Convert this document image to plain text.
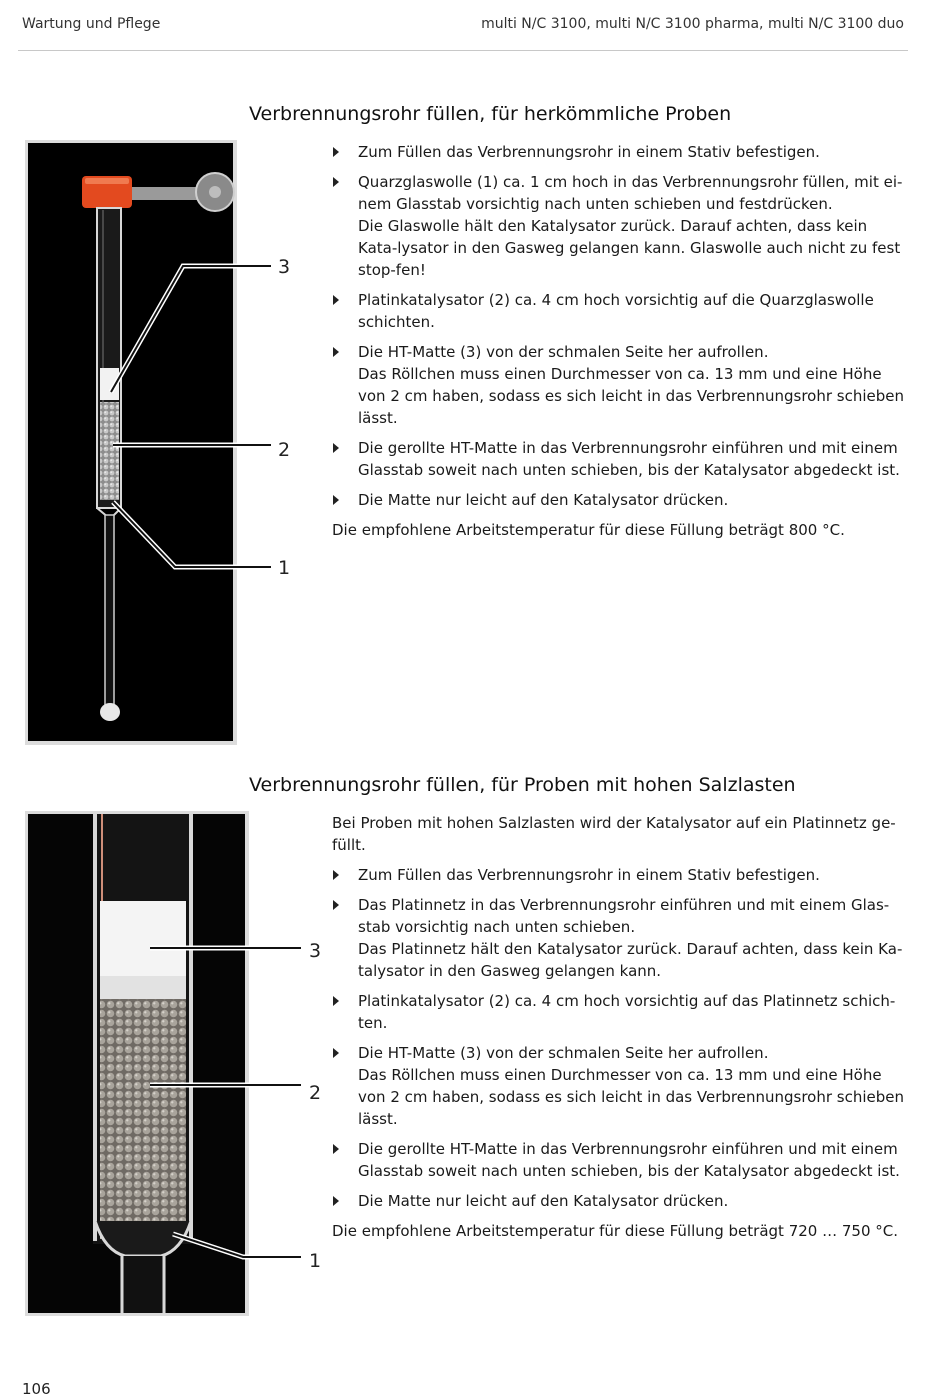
Wartung und Pflege	multi N/C 3100, multi N/C 3100 pharma, multi N/C 3100 duo
Verbrennungsrohr füllen, für herkömmliche Proben
3
2
1
Zum Füllen das Verbrennungsrohr in einem Stativ befestigen.
Quarzglaswolle (1) ca. 1 cm hoch in das Verbrennungsrohr füllen, mit ei-nem Glasstab vorsichtig nach unten schieben und festdrücken.
Die Glaswolle hält den Katalysator zurück. Darauf achten, dass kein Kata-lysator in den Gasweg gelangen kann. Glaswolle auch nicht zu fest stop-fen!
Platinkatalysator (2) ca. 4 cm hoch vorsichtig auf die Quarzglaswolle schichten.
Die HT-Matte (3) von der schmalen Seite her aufrollen.
Das Röllchen muss einen Durchmesser von ca. 13 mm und eine Höhe von 2 cm haben, sodass es sich leicht in das Verbrennungsrohr schieben lässt.
Die gerollte HT-Matte in das Verbrennungsrohr einführen und mit einem Glasstab soweit nach unten schieben, bis der Katalysator abgedeckt ist.
Die Matte nur leicht auf den Katalysator drücken.

Die empfohlene Arbeitstemperatur für diese Füllung beträgt 800 °C.

Verbrennungsrohr füllen, für Proben mit hohen Salzlasten
3
2
1

Bei Proben mit hohen Salzlasten wird der Katalysator auf ein Platinnetz ge-füllt.

Zum Füllen das Verbrennungsrohr in einem Stativ befestigen.
Das Platinnetz in das Verbrennungsrohr einführen und mit einem Glas-stab vorsichtig nach unten schieben.
Das Platinnetz hält den Katalysator zurück. Darauf achten, dass kein Ka-talysator in den Gasweg gelangen kann.
Platinkatalysator (2) ca. 4 cm hoch vorsichtig auf das Platinnetz schich-ten.
Die HT-Matte (3) von der schmalen Seite her aufrollen.
Das Röllchen muss einen Durchmesser von ca. 13 mm und eine Höhe von 2 cm haben, sodass es sich leicht in das Verbrennungsrohr schieben lässt.
Die gerollte HT-Matte in das Verbrennungsrohr einführen und mit einem Glasstab soweit nach unten schieben, bis der Katalysator abgedeckt ist.
Die Matte nur leicht auf den Katalysator drücken.

Die empfohlene Arbeitstemperatur für diese Füllung beträgt 720 … 750 °C.

106
